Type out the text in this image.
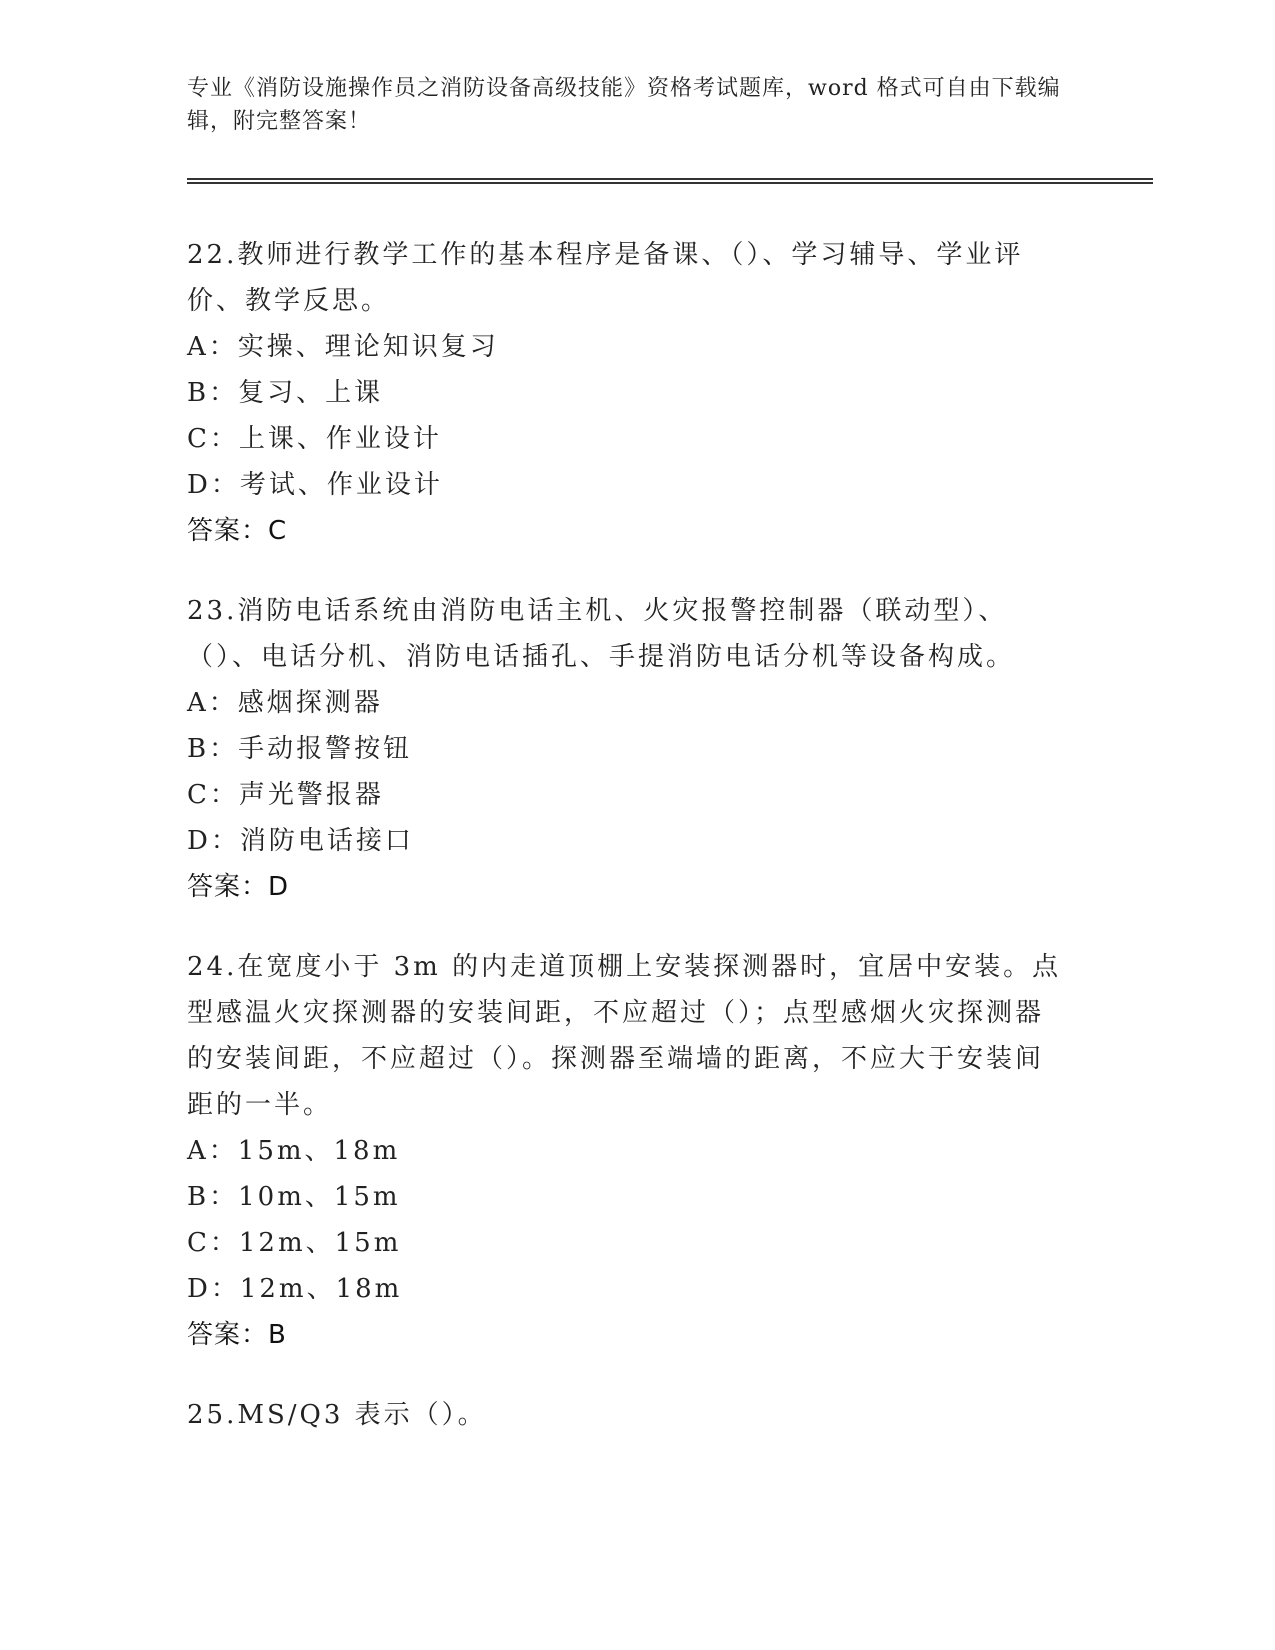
专业《消防设施操作员之消防设备高级技能》资格考试题库，word 格式可自由下载编辑，附完整答案！
22.教师进行教学工作的基本程序是备课、（）、学习辅导、学业评价、教学反思。
A：实操、理论知识复习
B：复习、上课
C：上课、作业设计
D：考试、作业设计
答案：C
23.消防电话系统由消防电话主机、火灾报警控制器（联动型）、（）、电话分机、消防电话插孔、手提消防电话分机等设备构成。
A：感烟探测器
B：手动报警按钮
C：声光警报器
D：消防电话接口
答案：D
24.在宽度小于 3m 的内走道顶棚上安装探测器时，宜居中安装。点型感温火灾探测器的安装间距，不应超过（）；点型感烟火灾探测器的安装间距，不应超过（）。探测器至端墙的距离，不应大于安装间距的一半。
A：15m、18m
B：10m、15m
C：12m、15m
D：12m、18m
答案：B
25.MS/Q3 表示（）。
